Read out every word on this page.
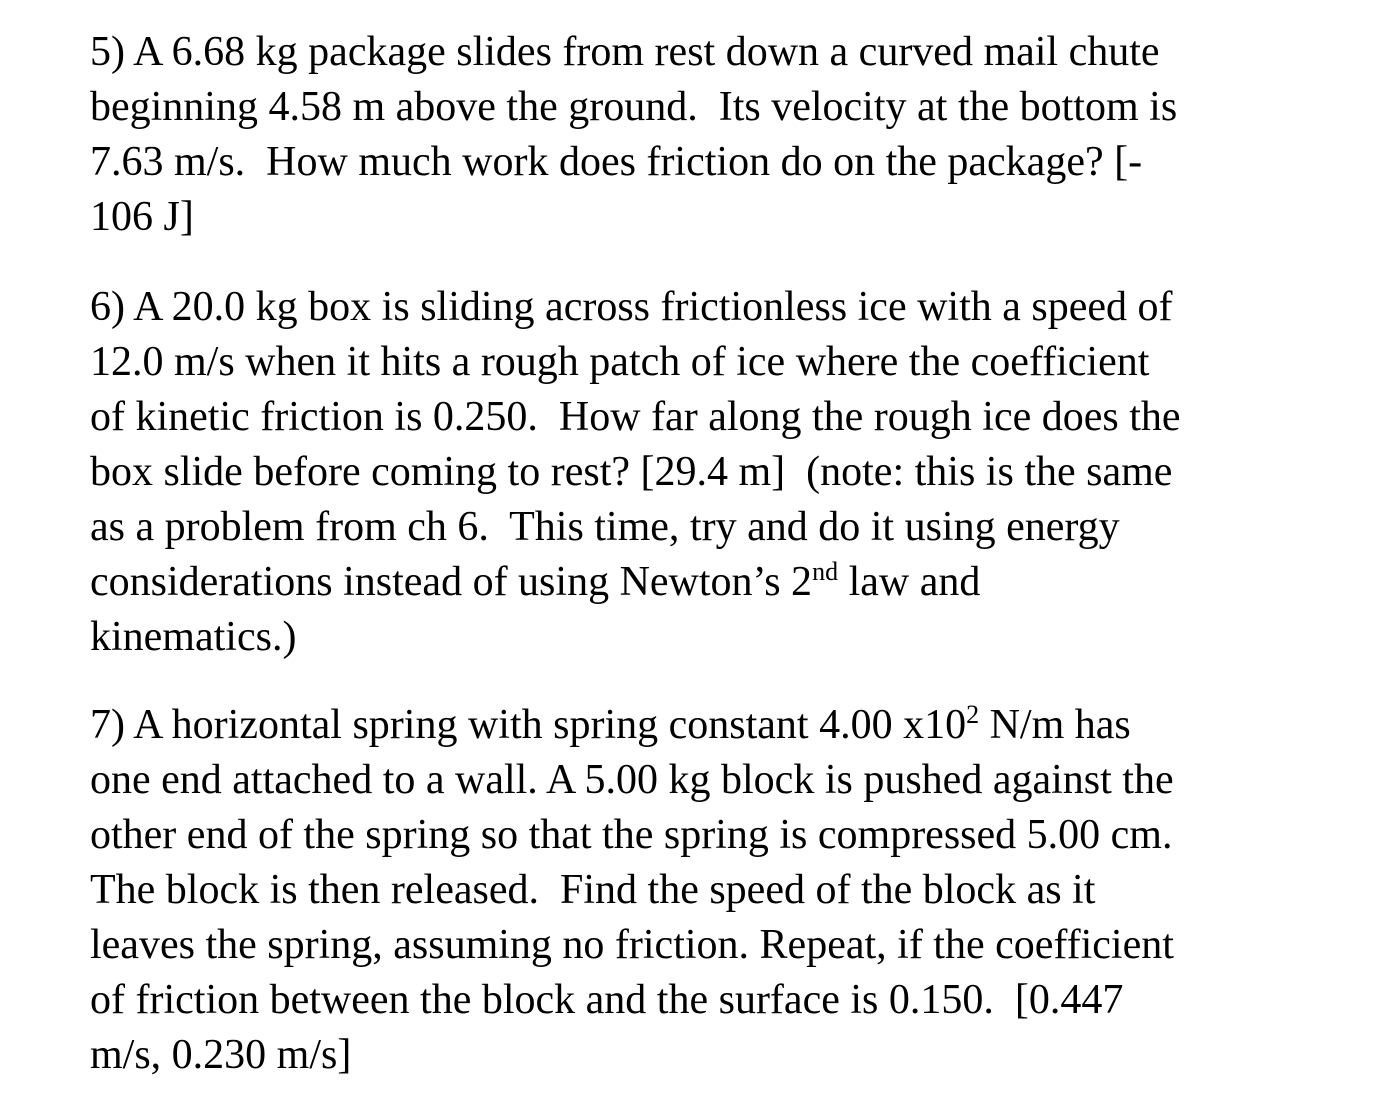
5) A 6.68 kg package slides from rest down a curved mail chute
beginning 4.58 m above the ground.  Its velocity at the bottom is
7.63 m/s.  How much work does friction do on the package? [-
106 J]
6) A 20.0 kg box is sliding across frictionless ice with a speed of
12.0 m/s when it hits a rough patch of ice where the coefficient
of kinetic friction is 0.250.  How far along the rough ice does the
box slide before coming to rest? [29.4 m]  (note: this is the same
as a problem from ch 6.  This time, try and do it using energy
considerations instead of using Newton’s 2nd law and
kinematics.)
7) A horizontal spring with spring constant 4.00 $x10^2$ N/m has
one end attached to a wall. A 5.00 kg block is pushed against the
other end of the spring so that the spring is compressed 5.00 cm.
The block is then released.  Find the speed of the block as it
leaves the spring, assuming no friction. Repeat, if the coefficient
of friction between the block and the surface is 0.150.  [0.447
m/s, 0.230 m/s]
